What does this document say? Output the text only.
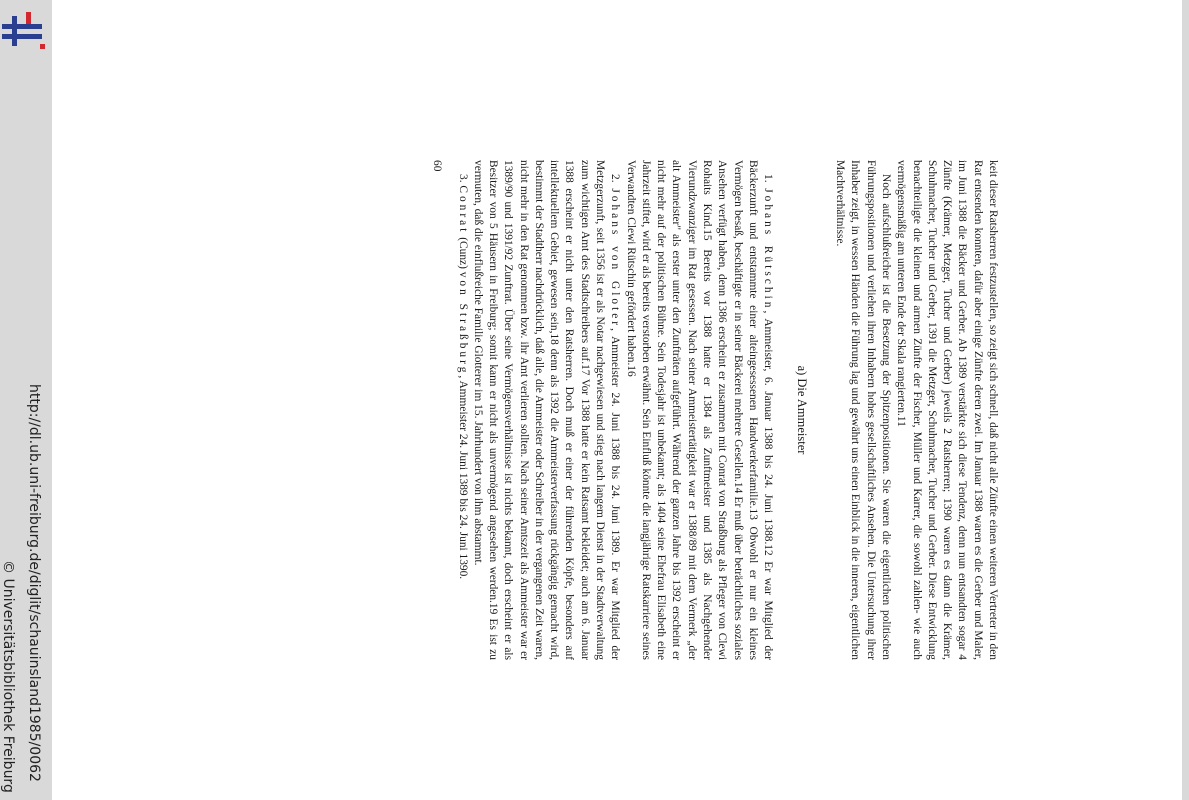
http://dl.ub.uni-freiburg.de/diglit/schauinsland1985/0062
© Universitätsbibliothek Freiburg

keit dieser Ratsherren festzustellen, so zeigt sich schnell, daß nicht alle Zünfte einen weiteren Vertreter in den Rat entsenden konnten, dafür aber einige Zünfte deren zwei. Im Januar 1388 waren es die Gerber und Maler, im Juni 1388 die Bäcker und Gerber. Ab 1389 verstärkte sich diese Tendenz, denn nun entsandten sogar 4 Zünfte (Krämer, Metzger, Tucher und Gerber) jeweils 2 Ratsherren; 1390 waren es dann die Krämer, Schuhmacher, Tucher und Gerber, 1391 die Metzger, Schuhmacher, Tucher und Gerber. Diese Entwicklung benachteiligte die kleinen und armen Zünfte der Fischer, Müller und Karrer, die sowohl zahlen- wie auch vermögensmäßig am unteren Ende der Skala rangierten.11

Noch aufschlußreicher ist die Besetzung der Spitzenpositionen. Sie waren die eigentlichen politischen Führungspositionen und verliehen ihren Inhabern hohes gesellschaftliches Ansehen. Die Untersuchung ihrer Inhaber zeigt, in wessen Händen die Führung lag und gewährt uns einen Einblick in die inneren, eigentlichen Machtverhältnisse.

a) Die Ammeister

1. Johans Rütschin, Ammeister, 6. Januar 1388 bis 24. Juni 1388.12 Er war Mitglied der Bäckerzunft und entstammte einer alteingesessenen Handwerkerfamilie.13 Obwohl er nur ein kleines Vermögen besaß, beschäftigte er in seiner Bäckerei mehrere Gesellen.14 Er muß über beträchtliches soziales Ansehen verfügt haben, denn 1386 erscheint er zusammen mit Conrat von Straßburg als Pfleger von Clewi Rohaits Kind.15 Bereits vor 1388 hatte er 1384 als Zunftmeister und 1385 als Nachgehender Vierundzwanziger im Rat gesessen. Nach seiner Ammeistertätigkeit war er 1388/89 mit dem Vermerk „der alt Ammeister" als erster unter den Zunfträten aufgeführt. Während der ganzen Jahre bis 1392 erscheint er nicht mehr auf der politischen Bühne. Sein Todesjahr ist unbekannt; als 1404 seine Ehefrau Elisabeth eine Jahrzeit stiftet, wird er als bereits verstorben erwähnt. Sein Einfluß könnte die langjährige Ratskarriere seines Verwandten Clewi Rütschin gefördert haben.16

2. Johans von Gloter, Ammeister 24. Juni 1388 bis 24. Juni 1389. Er war Mitglied der Metzgerzunft, seit 1356 ist er als Notar nachgewiesen und stieg nach langem Dienst in der Stadtverwaltung zum wichtigen Amt des Stadtschreibers auf.17 Vor 1388 hatte er kein Ratsamt bekleidet; auch am 6. Januar 1388 erscheint er nicht unter den Ratsherren. Doch muß er einer der führenden Köpfe, besonders auf intellektuellem Gebiet, gewesen sein,18 denn als 1392 die Ammeisterverfassung rückgängig gemacht wird, bestimmt der Stadtherr nachdrücklich, daß alle, die Ammeister oder Schreiber in der vergangenen Zeit waren, nicht mehr in den Rat genommen bzw. ihr Amt verlieren sollten. Nach seiner Amtszeit als Ammeister war er 1389/90 und 1391/92 Zunftrat. Über seine Vermögensverhältnisse ist nichts bekannt, doch erscheint er als Besitzer von 5 Häusern in Freiburg; somit kann er nicht als unvermögend angesehen werden.19 Es ist zu vermuten, daß die einflußreiche Familie Glotterer im 15. Jahrhundert von ihm abstammt.

3. Conrat (Cunz) von Straßburg, Ammeister 24. Juni 1389 bis 24. Juni 1390.

60
